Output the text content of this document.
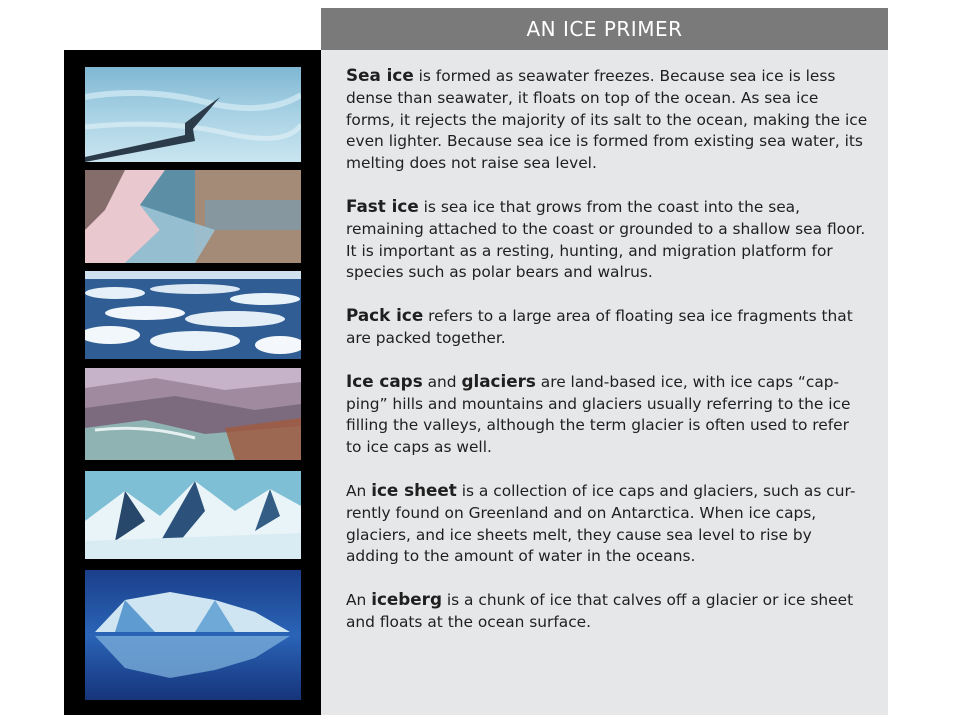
AN ICE PRIMER

Sea ice is formed as seawater freezes. Because sea ice is less dense than seawater, it floats on top of the ocean. As sea ice forms, it rejects the majority of its salt to the ocean, making the ice even lighter. Because sea ice is formed from existing sea water, its melting does not raise sea level.

Fast ice is sea ice that grows from the coast into the sea, remaining attached to the coast or grounded to a shallow sea floor. It is important as a resting, hunting, and migration platform for species such as polar bears and walrus.

Pack ice refers to a large area of floating sea ice fragments that are packed together.

Ice caps and glaciers are land-based ice, with ice caps “cap-ping” hills and mountains and glaciers usually referring to the ice filling the valleys, although the term glacier is often used to refer to ice caps as well.

An ice sheet is a collection of ice caps and glaciers, such as cur-rently found on Greenland and on Antarctica. When ice caps, glaciers, and ice sheets melt, they cause sea level to rise by adding to the amount of water in the oceans.

An iceberg is a chunk of ice that calves off a glacier or ice sheet and floats at the ocean surface.
